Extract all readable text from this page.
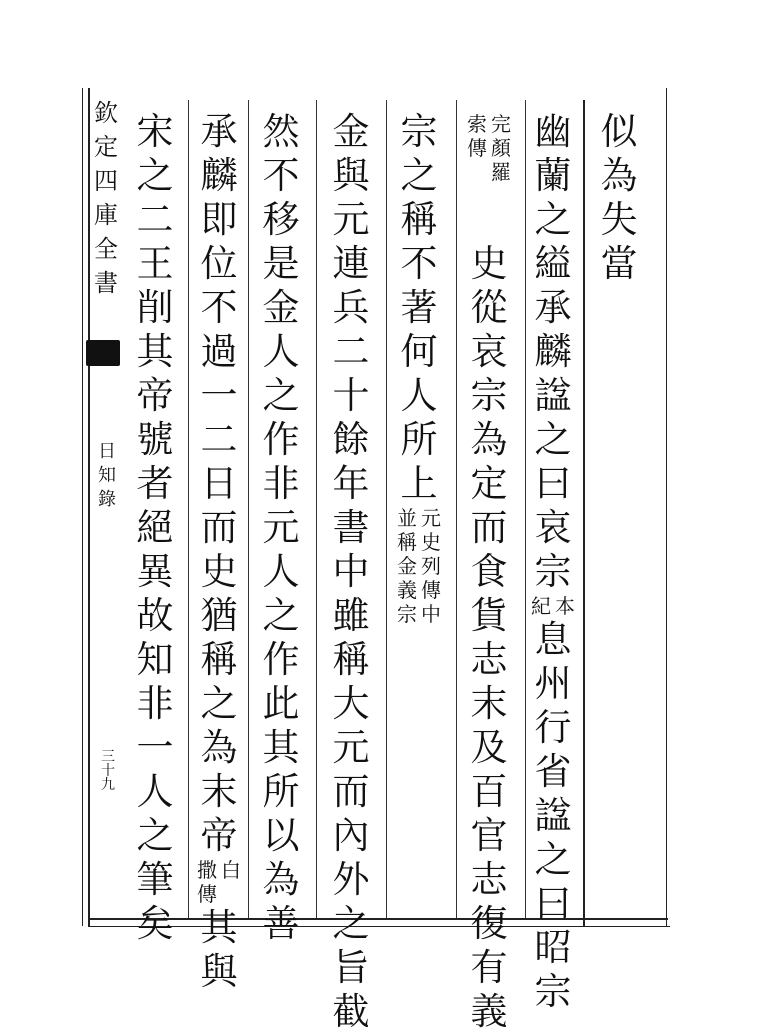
欽
定
四
庫
全
書
日
知
錄
三
十
九
似
為
失
當
幽
蘭
之
縊
承
麟
諡
之
曰
哀
宗
本
紀
息
州
行
省
諡
之
曰
昭
宗
史
從
哀
宗
為
定
而
食
貨
志
末
及
百
官
志
復
有
義
完
顏
羅
索
傳
宗
之
稱
不
著
何
人
所
上
元
史
列
傳
中
並
稱
金
義
宗
金
與
元
連
兵
二
十
餘
年
書
中
雖
稱
大
元
而
內
外
之
旨
截
然
不
移
是
金
人
之
作
非
元
人
之
作
此
其
所
以
為
善
承
麟
即
位
不
過
一
二
日
而
史
猶
稱
之
為
末
帝
白
撒
傳
其
與
宋
之
二
王
削
其
帝
號
者
絕
異
故
知
非
一
人
之
筆
矣
